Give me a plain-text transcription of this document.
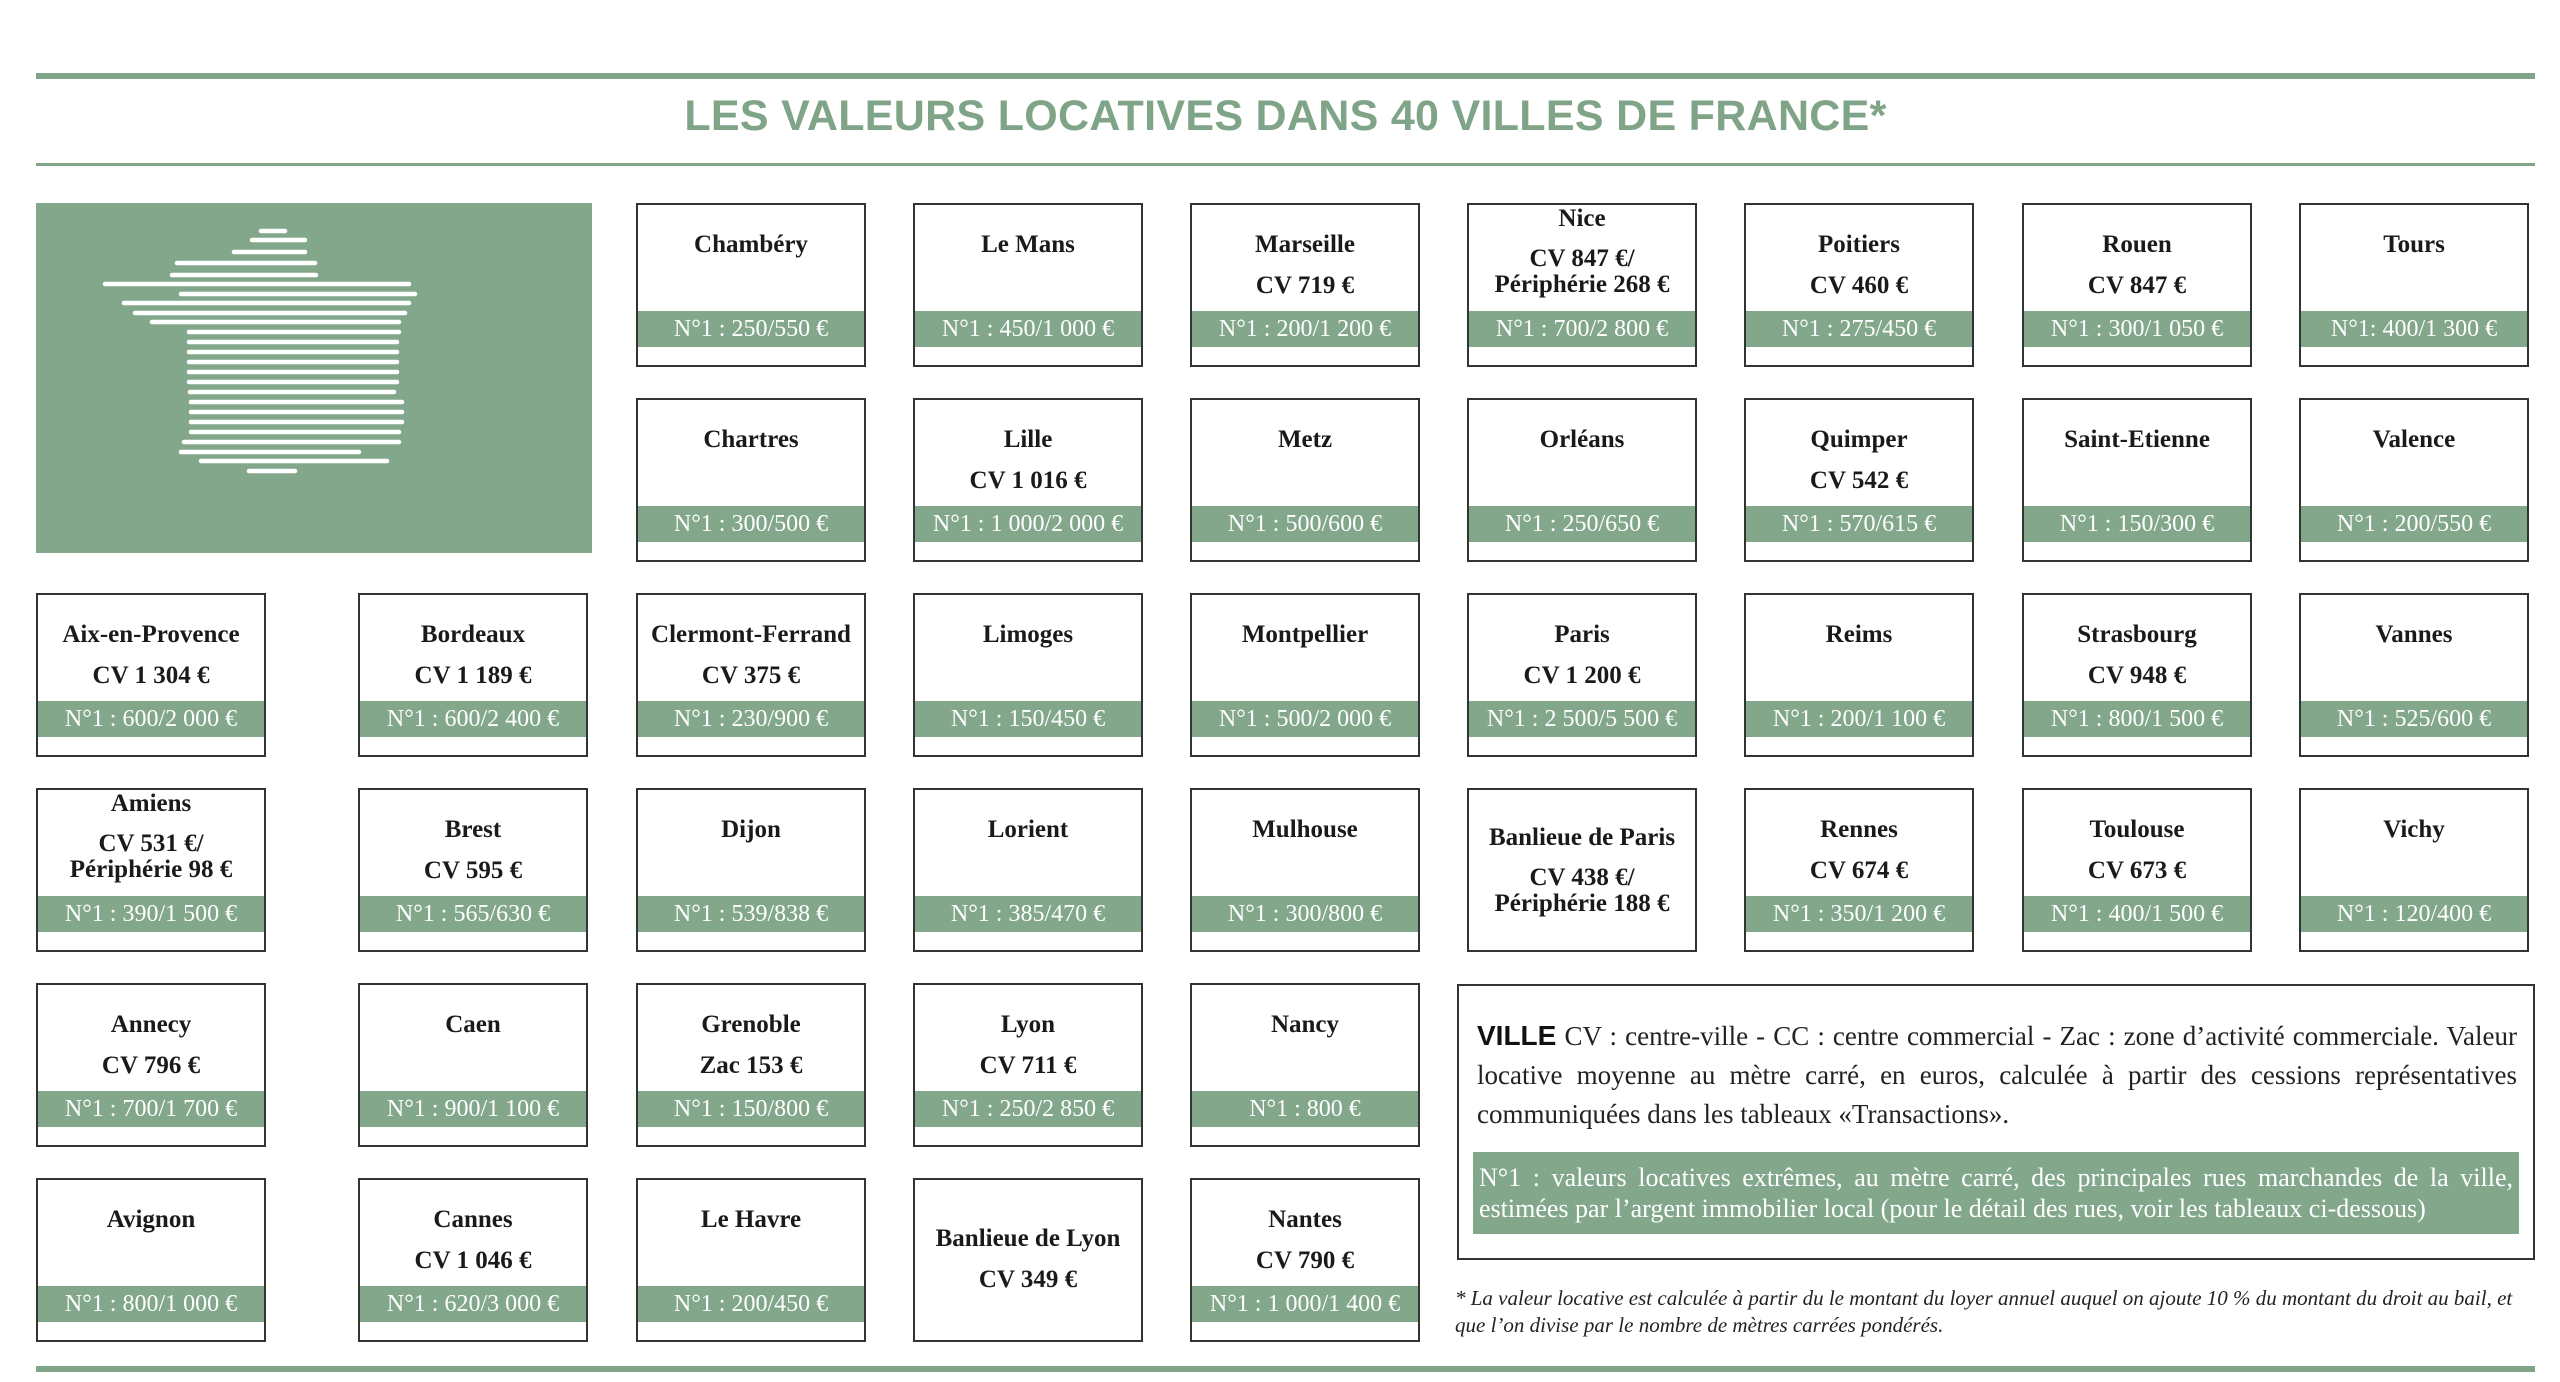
LES VALEURS LOCATIVES DANS 40 VILLES DE FRANCE*
Chambéry
N°1 : 250/550 €
Le Mans
N°1 : 450/1 000 €
Marseille
CV 719 €
N°1 : 200/1 200 €
Nice
CV 847 €/
Périphérie 268 €
N°1 : 700/2 800 €
Poitiers
CV 460 €
N°1 : 275/450 €
Rouen
CV 847 €
N°1 : 300/1 050 €
Tours
N°1: 400/1 300 €
Chartres
N°1 : 300/500 €
Lille
CV 1 016 €
N°1 : 1 000/2 000 €
Metz
N°1 : 500/600 €
Orléans
N°1 : 250/650 €
Quimper
CV 542 €
N°1 : 570/615 €
Saint-Etienne
N°1 : 150/300 €
Valence
N°1 : 200/550 €
Aix-en-Provence
CV 1 304 €
N°1 : 600/2 000 €
Bordeaux
CV 1 189 €
N°1 : 600/2 400 €
Clermont-Ferrand
CV 375 €
N°1 : 230/900 €
Limoges
N°1 : 150/450 €
Montpellier
N°1 : 500/2 000 €
Paris
CV 1 200 €
N°1 : 2 500/5 500 €
Reims
N°1 : 200/1 100 €
Strasbourg
CV 948 €
N°1 : 800/1 500 €
Vannes
N°1 : 525/600 €
Amiens
CV 531 €/
Périphérie 98 €
N°1 : 390/1 500 €
Brest
CV 595 €
N°1 : 565/630 €
Dijon
N°1 : 539/838 €
Lorient
N°1 : 385/470 €
Mulhouse
N°1 : 300/800 €
Banlieue de Paris
CV 438 €/
Périphérie 188 €
Rennes
CV 674 €
N°1 : 350/1 200 €
Toulouse
CV 673 €
N°1 : 400/1 500 €
Vichy
N°1 : 120/400 €
Annecy
CV 796 €
N°1 : 700/1 700 €
Caen
N°1 : 900/1 100 €
Grenoble
Zac 153 €
N°1 : 150/800 €
Lyon
CV 711 €
N°1 : 250/2 850 €
Nancy
N°1 : 800 €
Avignon
N°1 : 800/1 000 €
Cannes
CV 1 046 €
N°1 : 620/3 000 €
Le Havre
N°1 : 200/450 €
Banlieue de Lyon
CV 349 €
Nantes
CV 790 €
N°1 : 1 000/1 400 €
VILLE CV : centre-ville - CC : centre commercial - Zac : zone d’activité commerciale. Valeur locative moyenne au mètre carré, en euros, calculée à partir des cessions représentatives communiquées dans les tableaux «Transactions».
N°1 : valeurs locatives extrêmes, au mètre carré, des principales rues marchandes de la ville, estimées par l’argent immobilier local (pour le détail des rues, voir les tableaux ci-dessous)
* La valeur locative est calculée à partir du le montant du loyer annuel auquel on ajoute 10 % du montant du droit au bail, et que l’on divise par le nombre de mètres carrées pondérés.
